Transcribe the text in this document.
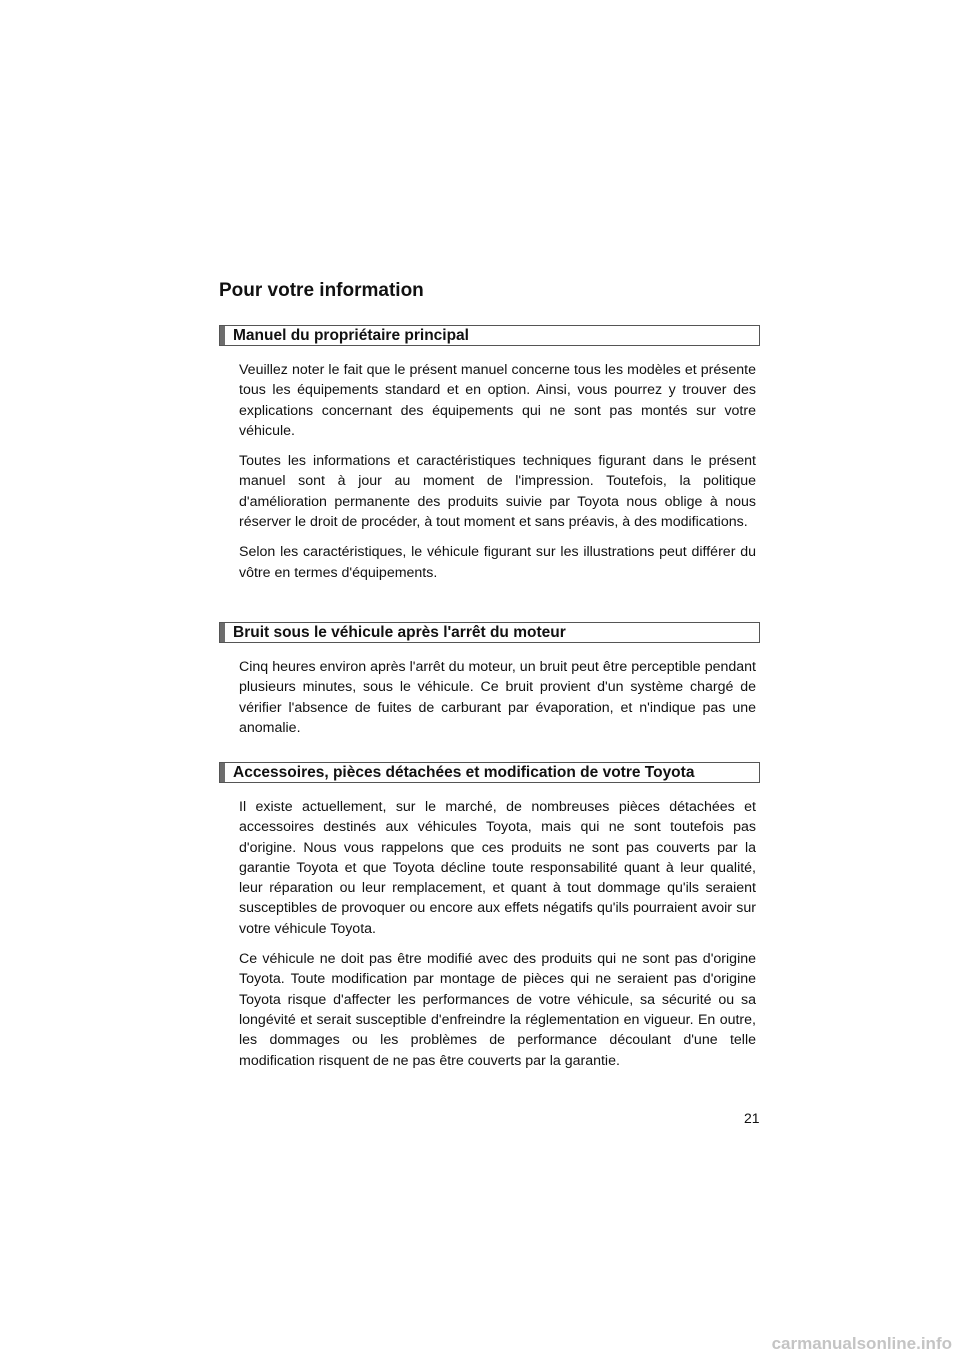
Pour votre information
Manuel du propriétaire principal

Veuillez noter le fait que le présent manuel concerne tous les modèles et présente tous les équipements standard et en option. Ainsi, vous pourrez y trouver des explications concernant des équipements qui ne sont pas montés sur votre véhicule.

Toutes les informations et caractéristiques techniques figurant dans le présent manuel sont à jour au moment de l'impression. Toutefois, la politique d'amélioration permanente des produits suivie par Toyota nous oblige à nous réserver le droit de procéder, à tout moment et sans préavis, à des modifications.

Selon les caractéristiques, le véhicule figurant sur les illustrations peut différer du vôtre en termes d'équipements.

Bruit sous le véhicule après l'arrêt du moteur

Cinq heures environ après l'arrêt du moteur, un bruit peut être perceptible pendant plusieurs minutes, sous le véhicule. Ce bruit provient d'un système chargé de vérifier l'absence de fuites de carburant par évaporation, et n'indique pas une anomalie.

Accessoires, pièces détachées et modification de votre Toyota

Il existe actuellement, sur le marché, de nombreuses pièces détachées et accessoires destinés aux véhicules Toyota, mais qui ne sont toutefois pas d'origine. Nous vous rappelons que ces produits ne sont pas couverts par la garantie Toyota et que Toyota décline toute responsabilité quant à leur qualité, leur réparation ou leur remplacement, et quant à tout dommage qu'ils seraient susceptibles de provoquer ou encore aux effets négatifs qu'ils pourraient avoir sur votre véhicule Toyota.

Ce véhicule ne doit pas être modifié avec des produits qui ne sont pas d'origine Toyota. Toute modification par montage de pièces qui ne seraient pas d'origine Toyota risque d'affecter les performances de votre véhicule, sa sécurité ou sa longévité et serait susceptible d'enfreindre la réglementation en vigueur. En outre, les dommages ou les problèmes de performance découlant d'une telle modification risquent de ne pas être couverts par la garantie.

21
carmanualsonline.info
